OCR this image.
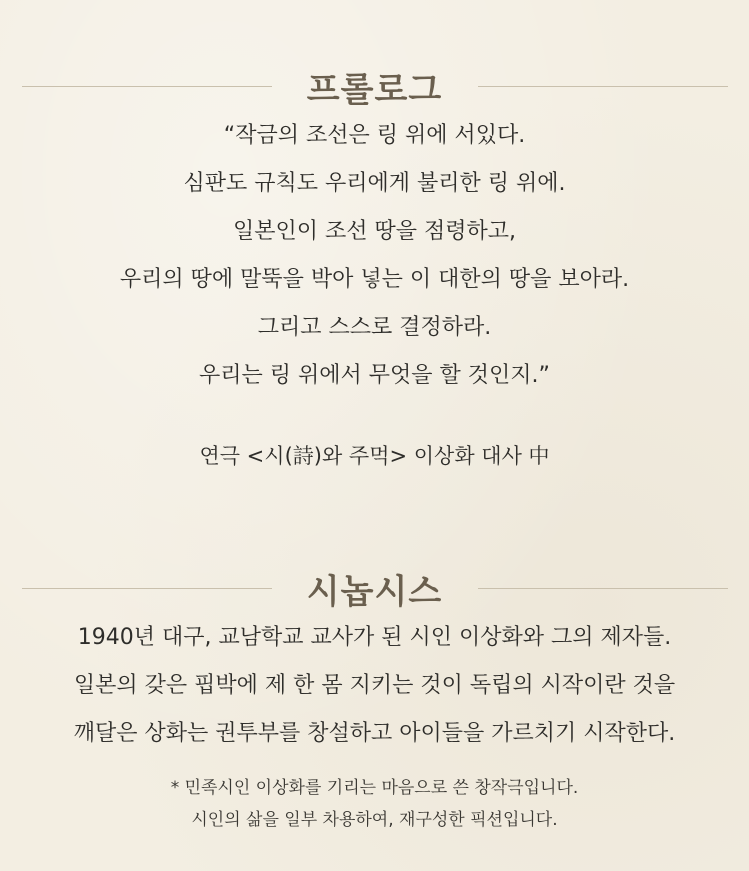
프롤로그
“작금의 조선은 링 위에 서있다.
심판도 규칙도 우리에게 불리한 링 위에.
일본인이 조선 땅을 점령하고,
우리의 땅에 말뚝을 박아 넣는 이 대한의 땅을 보아라.
그리고 스스로 결정하라.
우리는 링 위에서 무엇을 할 것인지.”
연극 <시(詩)와 주먹> 이상화 대사 中
시놉시스
1940년 대구, 교남학교 교사가 된 시인 이상화와 그의 제자들.
일본의 갖은 핍박에 제 한 몸 지키는 것이 독립의 시작이란 것을
깨달은 상화는 권투부를 창설하고 아이들을 가르치기 시작한다.
* 민족시인 이상화를 기리는 마음으로 쓴 창작극입니다.
시인의 삶을 일부 차용하여, 재구성한 픽션입니다.
